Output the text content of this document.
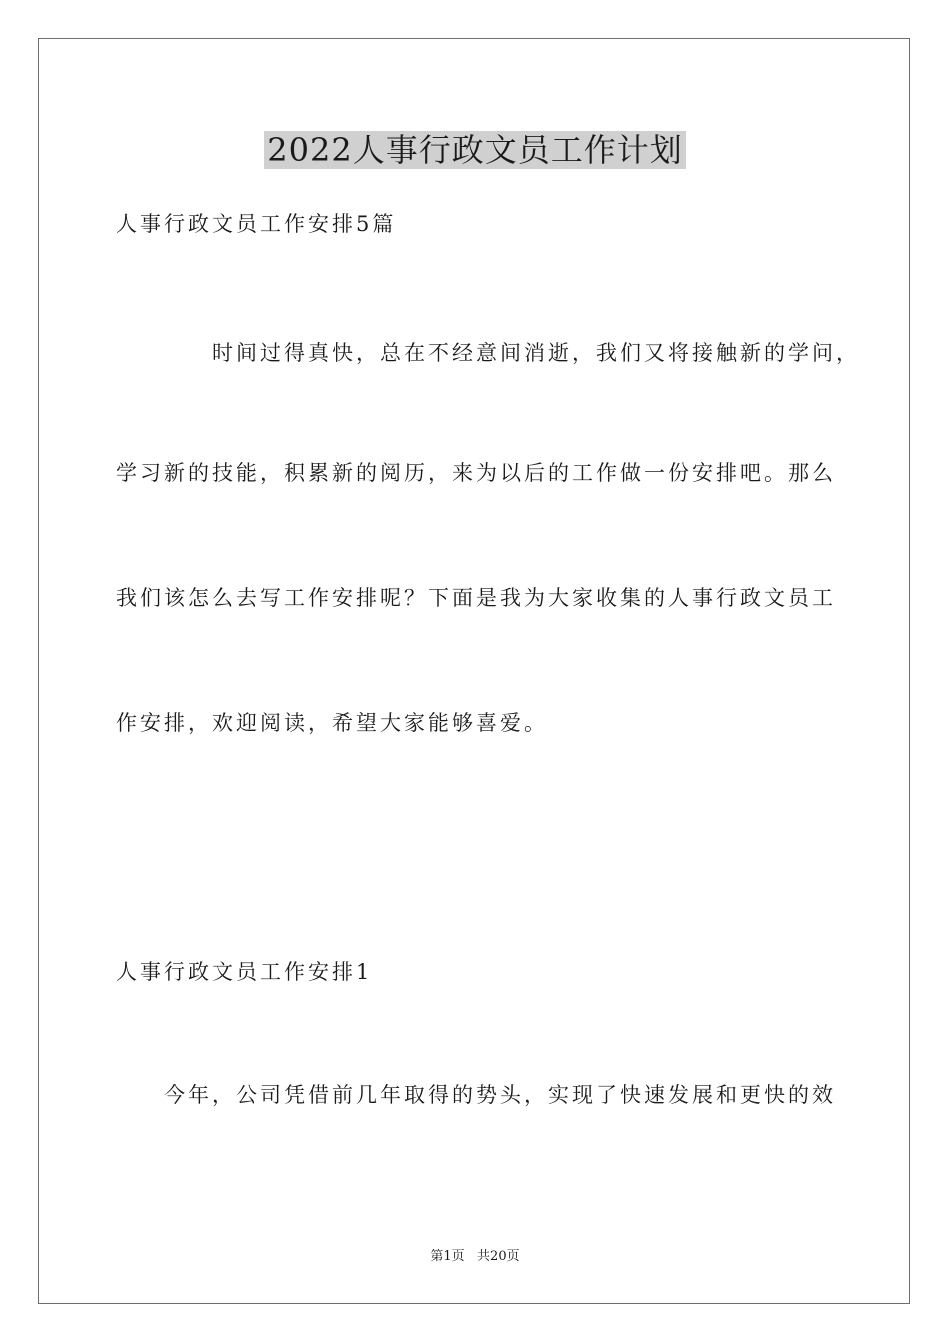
2022人事行政文员工作计划
人事行政文员工作安排5篇
时间过得真快，总在不经意间消逝，我们又将接触新的学问，
学习新的技能，积累新的阅历，来为以后的工作做一份安排吧。那么
我们该怎么去写工作安排呢？下面是我为大家收集的人事行政文员工
作安排，欢迎阅读，希望大家能够喜爱。
人事行政文员工作安排1
今年，公司凭借前几年取得的势头，实现了快速发展和更快的效
第1页   共20页
